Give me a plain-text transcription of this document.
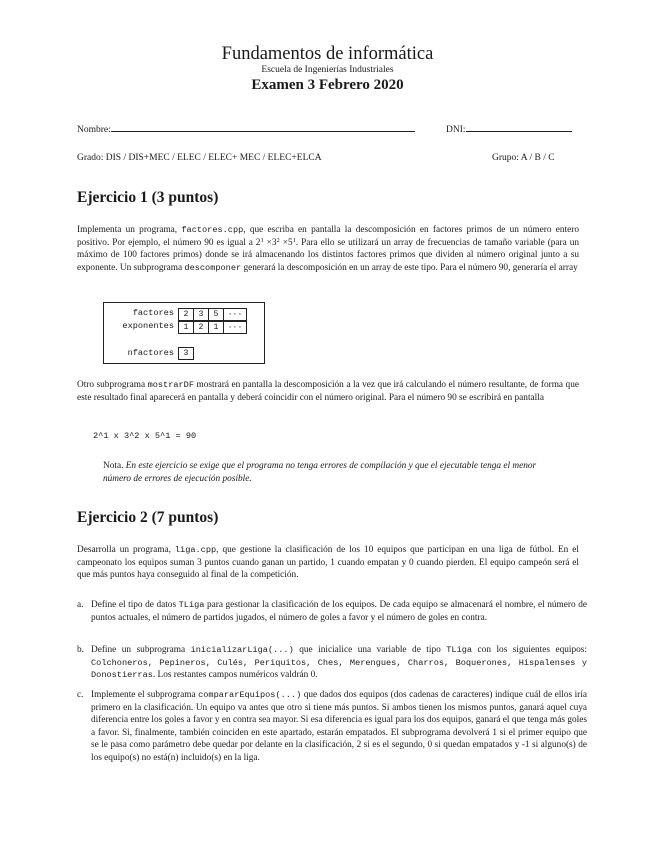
Fundamentos de informática
Escuela de Ingenierías Industriales
Examen 3 Febrero 2020
Nombre:	DNI:
Grado: DIS / DIS+MEC / ELEC / ELEC+ MEC / ELEC+ELCA	Grupo: A / B / C
Ejercicio 1 (3 puntos)

Implementa un programa, factores.cpp, que escriba en pantalla la descomposición en factores primos de un número entero positivo. Por ejemplo, el número 90 es igual a $2^1 \times 3^2 \times 5^1$. Para ello se utilizará un array de frecuencias de tamaño variable (para un máximo de 100 factores primos) donde se irá almacenando los distintos factores primos que dividen al número original junto a su exponente. Un subprograma descomponer generará la descomposición en un array de este tipo. Para el número 90, generaría el array

factores	2	3	5	···
exponentes	1	2	1	···
nfactores	3

Otro subprograma mostrarDF mostrará en pantalla la descomposición a la vez que irá calculando el número resultante, de forma que este resultado final aparecerá en pantalla y deberá coincidir con el número original. Para el número 90 se escribirá en pantalla

2^1 x 3^2 x 5^1 = 90
Nota. En este ejercicio se exige que el programa no tenga errores de compilación y que el ejecutable tenga el menor número de errores de ejecución posible.
Ejercicio 2 (7 puntos)

Desarrolla un programa, liga.cpp, que gestione la clasificación de los 10 equipos que participan en una liga de fútbol. En el campeonato los equipos suman 3 puntos cuando ganan un partido, 1 cuando empatan y 0 cuando pierden. El equipo campeón será el que más puntos haya conseguido al final de la competición.

a. Define el tipo de datos TLiga para gestionar la clasificación de los equipos. De cada equipo se almacenará el nombre, el número de puntos actuales, el número de partidos jugados, el número de goles a favor y el número de goles en contra.
b. Define un subprograma inicializarLiga(...) que inicialice una variable de tipo TLiga con los siguientes equipos: Colchoneros, Pepineros, Culés, Periquitos, Ches, Merengues, Charros, Boquerones, Hispalenses y Donostierras. Los restantes campos numéricos valdrán 0.
c. Implemente el subprograma compararEquipos(...) que dados dos equipos (dos cadenas de caracteres) indique cuál de ellos iría primero en la clasificación. Un equipo va antes que otro si tiene más puntos. Si ambos tienen los mismos puntos, ganará aquel cuya diferencia entre los goles a favor y en contra sea mayor. Si esa diferencia es igual para los dos equipos, ganará el que tenga más goles a favor. Si, finalmente, también coinciden en este apartado, estarán empatados. El subprograma devolverá 1 si el primer equipo que se le pasa como parámetro debe quedar por delante en la clasificación, 2 si es el segundo, 0 si quedan empatados y -1 si alguno(s) de los equipo(s) no está(n) incluido(s) en la liga.
